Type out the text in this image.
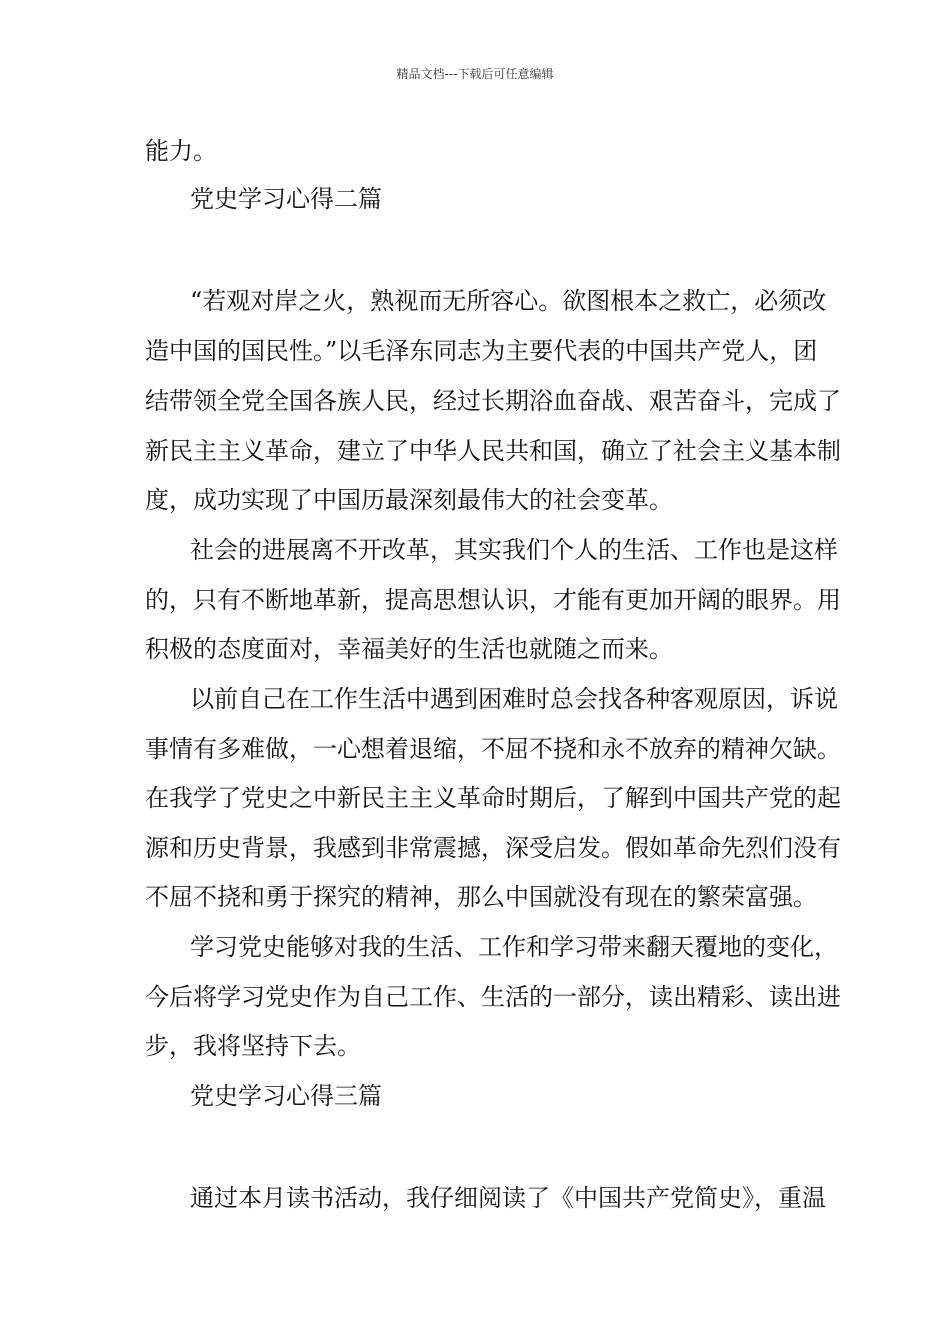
精品文档---下载后可任意编辑
能力。
党史学习心得二篇
“若观对岸之火，熟视而无所容心。欲图根本之救亡，必须改
造中国的国民性。”以毛泽东同志为主要代表的中国共产党人，团
结带领全党全国各族人民，经过长期浴血奋战、艰苦奋斗，完成了
新民主主义革命，建立了中华人民共和国，确立了社会主义基本制
度，成功实现了中国历最深刻最伟大的社会变革。
社会的进展离不开改革，其实我们个人的生活、工作也是这样
的，只有不断地革新，提高思想认识，才能有更加开阔的眼界。用
积极的态度面对，幸福美好的生活也就随之而来。
以前自己在工作生活中遇到困难时总会找各种客观原因，诉说
事情有多难做，一心想着退缩，不屈不挠和永不放弃的精神欠缺。
在我学了党史之中新民主主义革命时期后，了解到中国共产党的起
源和历史背景，我感到非常震撼，深受启发。假如革命先烈们没有
不屈不挠和勇于探究的精神，那么中国就没有现在的繁荣富强。
学习党史能够对我的生活、工作和学习带来翻天覆地的变化，
今后将学习党史作为自己工作、生活的一部分，读出精彩、读出进
步，我将坚持下去。
党史学习心得三篇
通过本月读书活动，我仔细阅读了《中国共产党简史》，重温
